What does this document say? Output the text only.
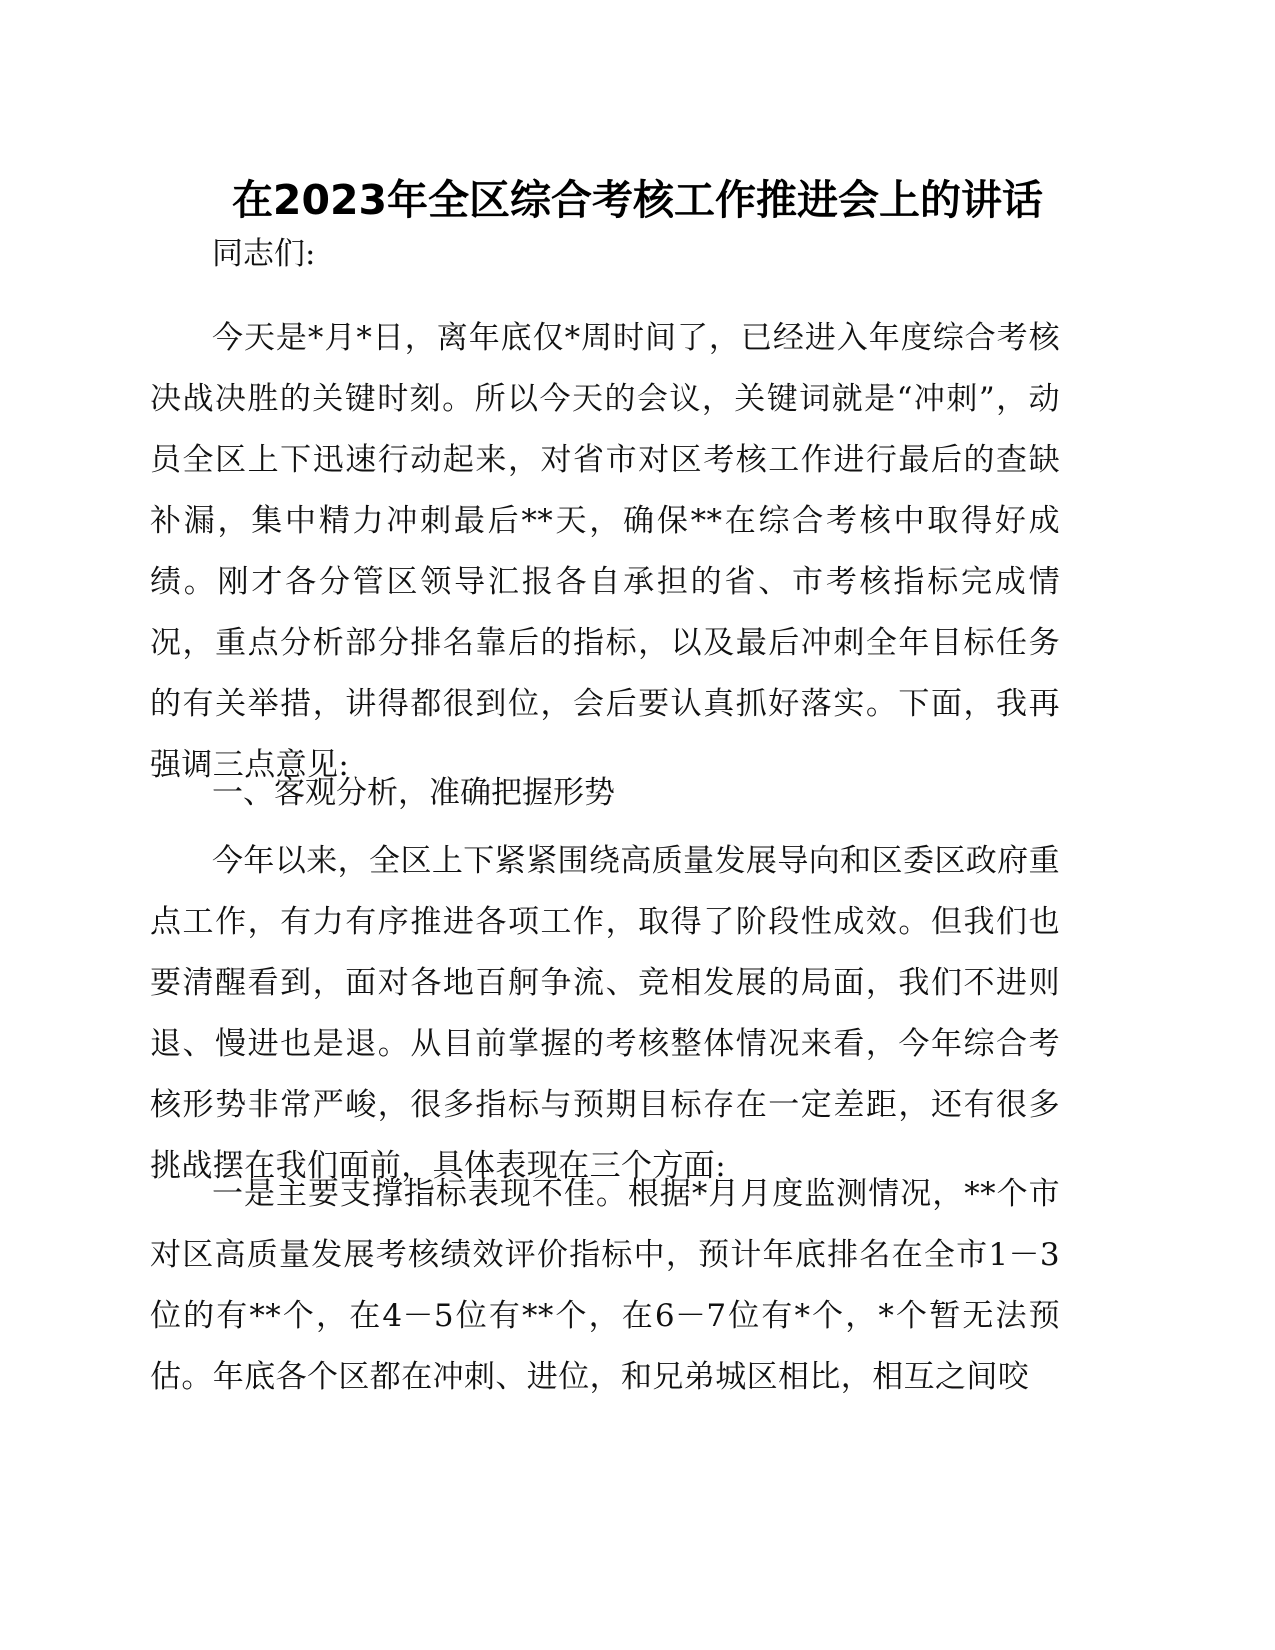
在2023年全区综合考核工作推进会上的讲话

同志们:

今天是*月*日，离年底仅*周时间了，已经进入年度综合考核决战决胜的关键时刻。所以今天的会议，关键词就是“冲刺”，动员全区上下迅速行动起来，对省市对区考核工作进行最后的查缺补漏，集中精力冲刺最后**天，确保**在综合考核中取得好成绩。刚才各分管区领导汇报各自承担的省、市考核指标完成情况，重点分析部分排名靠后的指标，以及最后冲刺全年目标任务的有关举措，讲得都很到位，会后要认真抓好落实。下面，我再强调三点意见:

一、客观分析，准确把握形势

今年以来，全区上下紧紧围绕高质量发展导向和区委区政府重点工作，有力有序推进各项工作，取得了阶段性成效。但我们也要清醒看到，面对各地百舸争流、竞相发展的局面，我们不进则退、慢进也是退。从目前掌握的考核整体情况来看，今年综合考核形势非常严峻，很多指标与预期目标存在一定差距，还有很多挑战摆在我们面前，具体表现在三个方面:

一是主要支撑指标表现不佳。根据*月月度监测情况，**个市对区高质量发展考核绩效评价指标中，预计年底排名在全市1－3位的有**个，在4－5位有**个，在6－7位有*个，*个暂无法预估。年底各个区都在冲刺、进位，和兄弟城区相比，相互之间咬
